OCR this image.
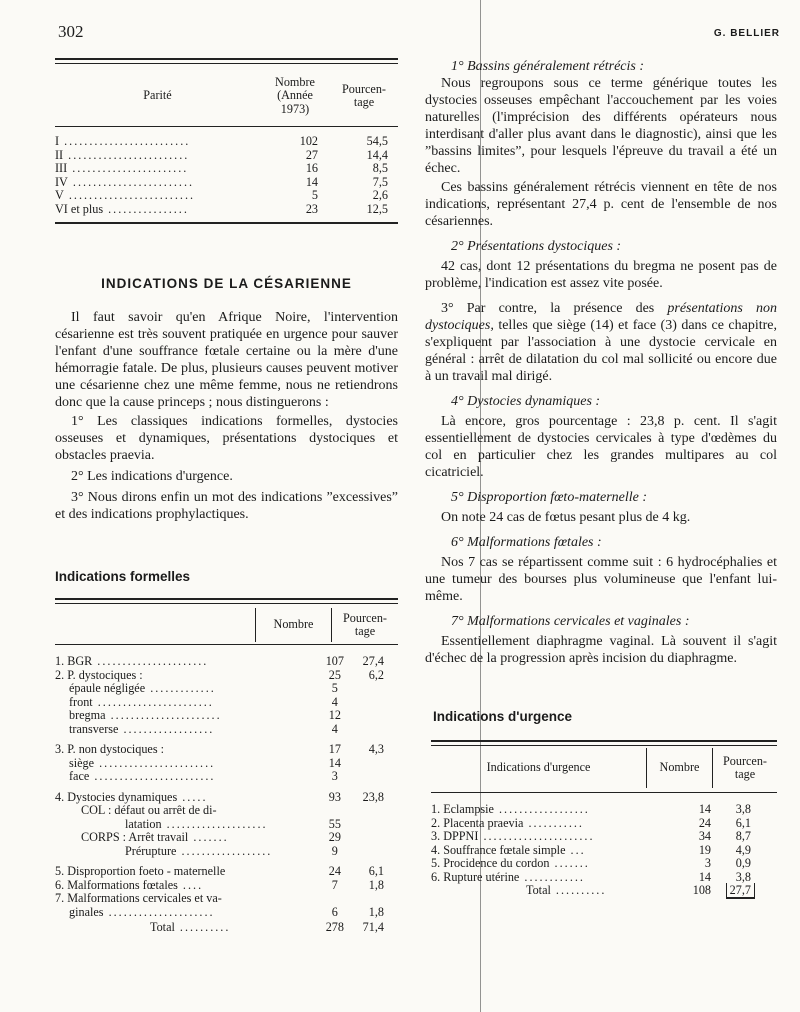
302	G. BELLIER
Parité	Nombre
(Année
1973)	Pourcen-
tage
I .........................	102	54,5
II ........................	27	14,4
III .......................	16	8,5
IV ........................	14	7,5
V .........................	5	2,6
VI et plus ................	23	12,5
INDICATIONS DE LA CÉSARIENNE

Il faut savoir qu'en Afrique Noire, l'intervention césarienne est très souvent pratiquée en urgence pour sauver l'enfant d'une souffrance fœtale certaine ou la mère d'une hémorragie fatale. De plus, plusieurs causes peuvent motiver une césarienne chez une même femme, nous ne retiendrons donc que la cause princeps ; nous distinguerons :

1° Les classiques indications formelles, dystocies osseuses et dynamiques, présentations dystociques et obstacles praevia.

2° Les indications d'urgence.

3° Nous dirons enfin un mot des indications ”excessives” et des indications prophylactiques.

Indications formelles
	Nombre	Pourcen-
tage
1. BGR ......................	107	27,4
2. P. dystociques :	25	6,2
épaule négligée .............	5	
front .......................	4	
bregma ......................	12	
transverse ..................	4	
3. P. non dystociques :	17	4,3
siège .......................	14	
face ........................	3	
4. Dystocies dynamiques .....	93	23,8
COL : défaut ou arrêt de di-		
latation ....................	55	
CORPS : Arrêt travail .......	29	
Prérupture ..................	9	
5. Disproportion foeto - maternelle	24	6,1
6. Malformations fœtales ....	7	1,8
7. Malformations cervicales et va-		
ginales .....................	6	1,8
Total ..........	278	71,4

1° Bassins généralement rétrécis :

Nous regroupons sous ce terme générique toutes les dystocies osseuses empêchant l'accouchement par les voies naturelles (l'imprécision des différents opérateurs nous interdisant d'aller plus avant dans le diagnostic), ainsi que les ”bassins limites”, pour lesquels l'épreuve du travail a été un échec.

Ces bassins généralement rétrécis viennent en tête de nos indications, représentant 27,4 p. cent de l'ensemble de nos césariennes.

2° Présentations dystociques :

42 cas, dont 12 présentations du bregma ne posent pas de problème, l'indication est assez vite posée.

3° Par contre, la présence des présentations non dystociques, telles que siège (14) et face (3) dans ce chapitre, s'expliquent par l'association à une dystocie cervicale en général : arrêt de dilatation du col mal sollicité ou encore due à un travail mal dirigé.

4° Dystocies dynamiques :

Là encore, gros pourcentage : 23,8 p. cent. Il s'agit essentiellement de dystocies cervicales à type d'œdèmes du col en particulier chez les grandes multipares au col cicatriciel.

5° Disproportion fœto-maternelle :

On note 24 cas de fœtus pesant plus de 4 kg.

6° Malformations fœtales :

Nos 7 cas se répartissent comme suit : 6 hydrocéphalies et une tumeur des bourses plus volumineuse que l'enfant lui-même.

7° Malformations cervicales et vaginales :

Essentiellement diaphragme vaginal. Là souvent il s'agit d'échec de la progression après incision du diaphragme.

Indications d'urgence
Indications d'urgence	Nombre	Pourcen-
tage
1. Eclampsie ..................	14	3,8
2. Placenta praevia ...........	24	6,1
3. DPPNI ......................	34	8,7
4. Souffrance fœtale simple ...	19	4,9
5. Procidence du cordon .......	3	0,9
6. Rupture utérine ............	14	3,8
Total ..........	108	27,7
